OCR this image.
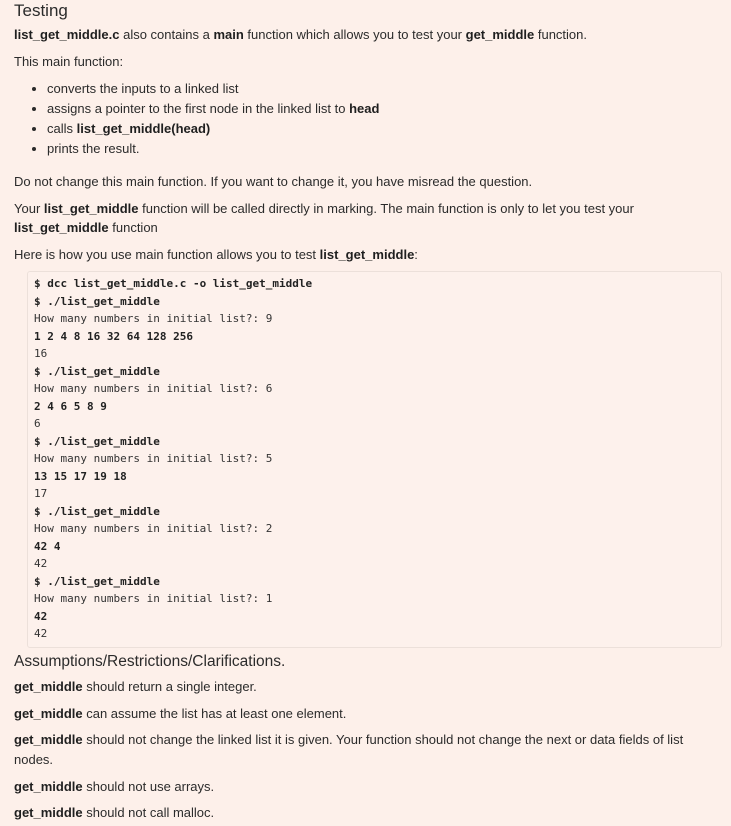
Testing
list_get_middle.c also contains a main function which allows you to test your get_middle function.
This main function:
• converts the inputs to a linked list
• assigns a pointer to the first node in the linked list to head
• calls list_get_middle(head)
• prints the result.
Do not change this main function. If you want to change it, you have misread the question.
Your list_get_middle function will be called directly in marking. The main function is only to let you test your
list_get_middle function
Here is how you use main function allows you to test list_get_middle:
$ dcc list_get_middle.c -o list_get_middle
$ ./list_get_middle
How many numbers in initial list?: 9
1 2 4 8 16 32 64 128 256
16
$ ./list_get_middle
How many numbers in initial list?: 6
2 4 6 5 8 9
6
$ ./list_get_middle
How many numbers in initial list?: 5
13 15 17 19 18
17
$ ./list_get_middle
How many numbers in initial list?: 2
42 4
42
$ ./list_get_middle
How many numbers in initial list?: 1
42
42
Assumptions/Restrictions/Clarifications.
get_middle should return a single integer.
get_middle can assume the list has at least one element.
get_middle should not change the linked list it is given. Your function should not change the next or data fields of list
nodes.
get_middle should not use arrays.
get_middle should not call malloc.
